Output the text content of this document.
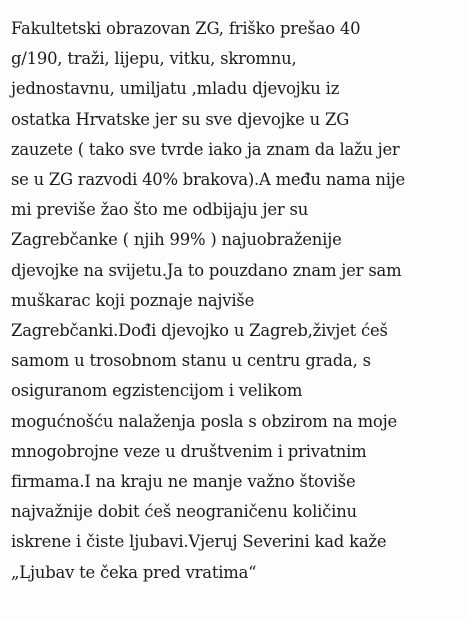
Fakultetski obrazovan ZG, friško prešao 40
g/190, traži, lijepu, vitku, skromnu,
jednostavnu, umiljatu ,mladu djevojku iz
ostatka Hrvatske jer su sve djevojke u ZG
zauzete ( tako sve tvrde iako ja znam da lažu jer
se u ZG razvodi 40% brakova).A među nama nije
mi previše žao što me odbijaju jer su
Zagrebčanke ( njih 99% ) najuobraženije
djevojke na svijetu.Ja to pouzdano znam jer sam
muškarac koji poznaje najviše
Zagrebčanki.Dođi djevojko u Zagreb,živjet ćeš
samom u trosobnom stanu u centru grada, s
osiguranom egzistencijom i velikom
mogućnošću nalaženja posla s obzirom na moje
mnogobrojne veze u društvenim i privatnim
firmama.I na kraju ne manje važno štoviše
najvažnije dobit ćeš neograničenu količinu
iskrene i čiste ljubavi.Vjeruj Severini kad kaže
„Ljubav te čeka pred vratima“
